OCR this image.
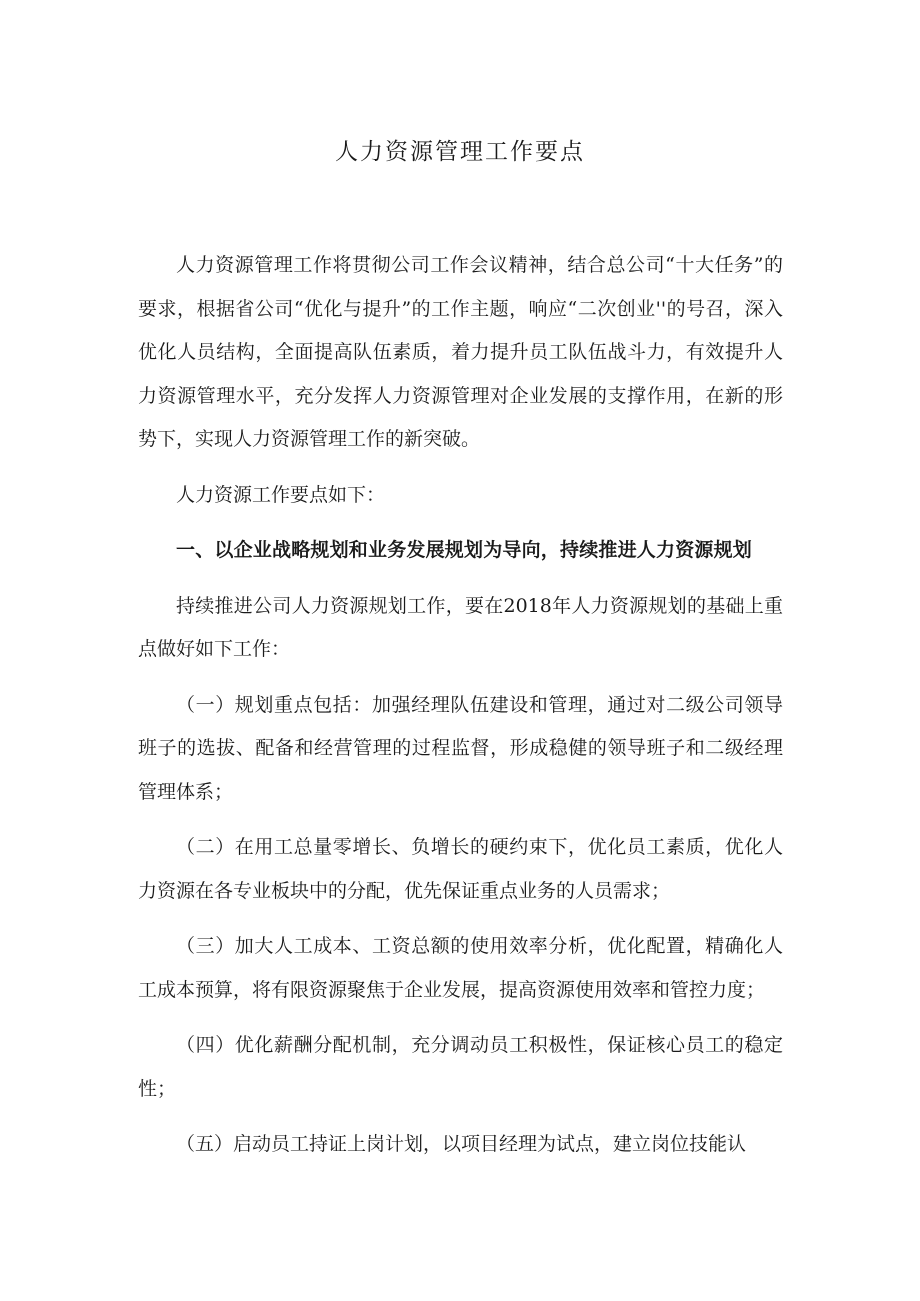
人力资源管理工作要点

人力资源管理工作将贯彻公司工作会议精神，结合总公司“十大任务”的要求，根据省公司“优化与提升”的工作主题，响应“二次创业''的号召，深入优化人员结构，全面提高队伍素质，着力提升员工队伍战斗力，有效提升人力资源管理水平，充分发挥人力资源管理对企业发展的支撑作用，在新的形势下，实现人力资源管理工作的新突破。

人力资源工作要点如下：

一、以企业战略规划和业务发展规划为导向，持续推进人力资源规划

持续推进公司人力资源规划工作，要在2018年人力资源规划的基础上重点做好如下工作：

（一）规划重点包括：加强经理队伍建设和管理，通过对二级公司领导班子的选拔、配备和经营管理的过程监督，形成稳健的领导班子和二级经理管理体系；

（二）在用工总量零增长、负增长的硬约束下，优化员工素质，优化人力资源在各专业板块中的分配，优先保证重点业务的人员需求；

（三）加大人工成本、工资总额的使用效率分析，优化配置，精确化人工成本预算，将有限资源聚焦于企业发展，提高资源使用效率和管控力度；

（四）优化薪酬分配机制，充分调动员工积极性，保证核心员工的稳定性；

（五）启动员工持证上岗计划，以项目经理为试点，建立岗位技能认
